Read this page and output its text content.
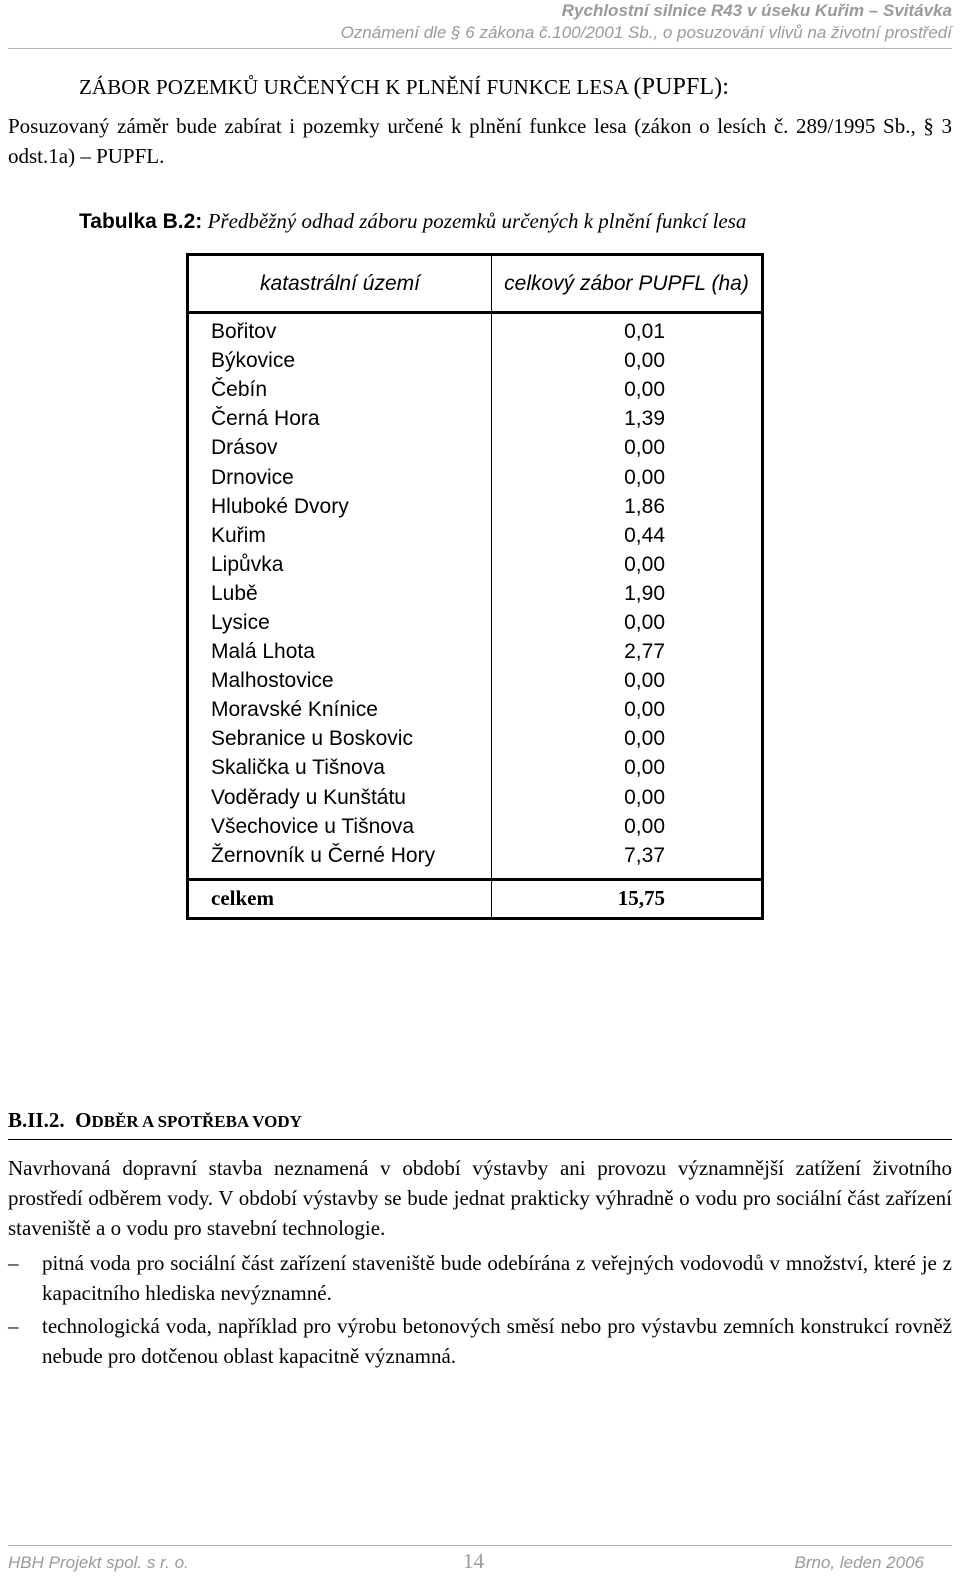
Rychlostní silnice R43 v úseku Kuřim – Svitávka
Oznámení dle § 6 zákona č.100/2001 Sb., o posuzování vlivů na životní prostředí
ZÁBOR POZEMKŮ URČENÝCH K PLNĚNÍ FUNKCE LESA (PUPFL):
Posuzovaný záměr bude zabírat i pozemky určené k plnění funkce lesa (zákon o lesích č. 289/1995 Sb., § 3 odst.1a) – PUPFL.
Tabulka B.2: Předběžný odhad záboru pozemků určených k plnění funkcí lesa
katastrální území	celkový zábor PUPFL (ha)
Bořitov	0,01
Býkovice	0,00
Čebín	0,00
Černá Hora	1,39
Drásov	0,00
Drnovice	0,00
Hluboké Dvory	1,86
Kuřim	0,44
Lipůvka	0,00
Lubě	1,90
Lysice	0,00
Malá Lhota	2,77
Malhostovice	0,00
Moravské Knínice	0,00
Sebranice u Boskovic	0,00
Skalička u Tišnova	0,00
Voděrady u Kunštátu	0,00
Všechovice u Tišnova	0,00
Žernovník u Černé Hory	7,37
celkem	15,75
B.II.2. ODBĚR A SPOTŘEBA VODY
Navrhovaná dopravní stavba neznamená v období výstavby ani provozu významnější zatížení životního prostředí odběrem vody. V období výstavby se bude jednat prakticky výhradně o vodu pro sociální část zařízení staveniště a o vodu pro stavební technologie.
–	pitná voda pro sociální část zařízení staveniště bude odebírána z veřejných vodovodů v množství, které je z kapacitního hlediska nevýznamné.
–	technologická voda, například pro výrobu betonových směsí nebo pro výstavbu zemních konstrukcí rovněž nebude pro dotčenou oblast kapacitně významná.
HBH Projekt spol. s r. o.	14	Brno, leden 2006
